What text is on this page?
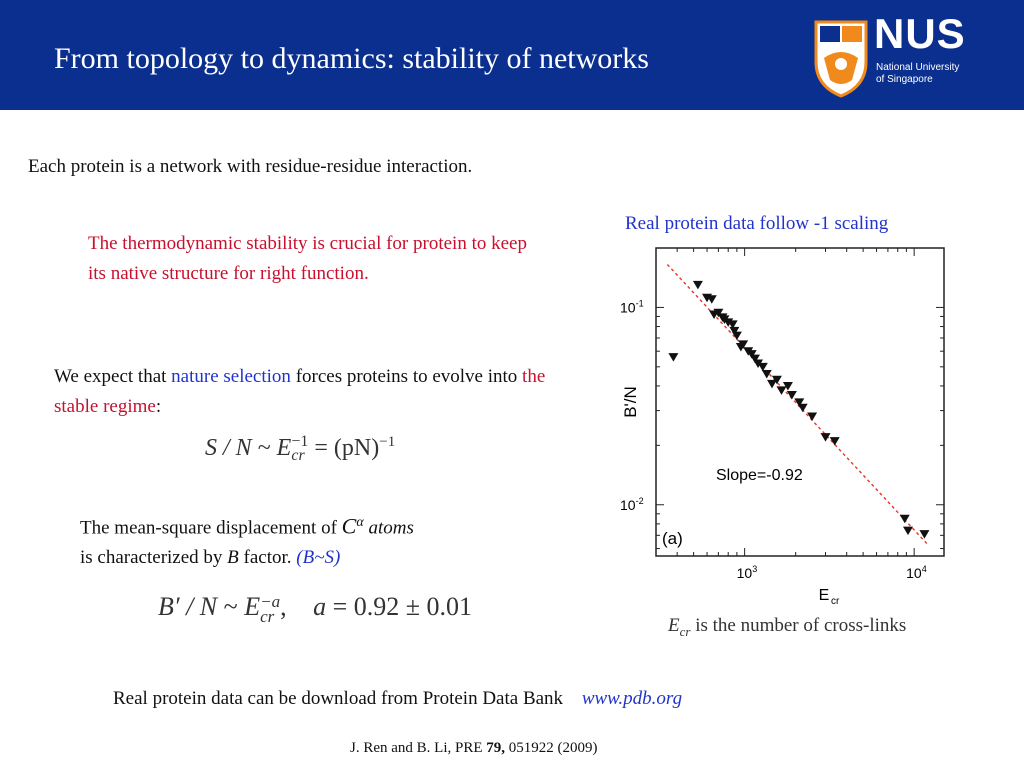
From topology to dynamics: stability of networks
NUS
National University
of Singapore
Each protein is a network with residue-residue interaction.
The thermodynamic stability is crucial for protein to keep its native structure for right function.
We expect that nature selection forces proteins to evolve into the stable regime:
S / N ~ E −1
cr = (pN)$^{-1}$
The mean-square displacement of $C^\alpha$ atoms
is characterized by B factor. (B~S)
B′ / N ~ E −a
cr , a = 0.92 ± 0.01
Real protein data follow -1 scaling
$10^3$	$10^4$
$10^{-1}$
$10^{-2}$
B'/N
E cr
(a)
Slope=-0.92
$E_{cr}$ is the number of cross-links
Real protein data can be download from Protein Data Bank www.pdb.org
J. Ren and B. Li, PRE 79, 051922 (2009)
